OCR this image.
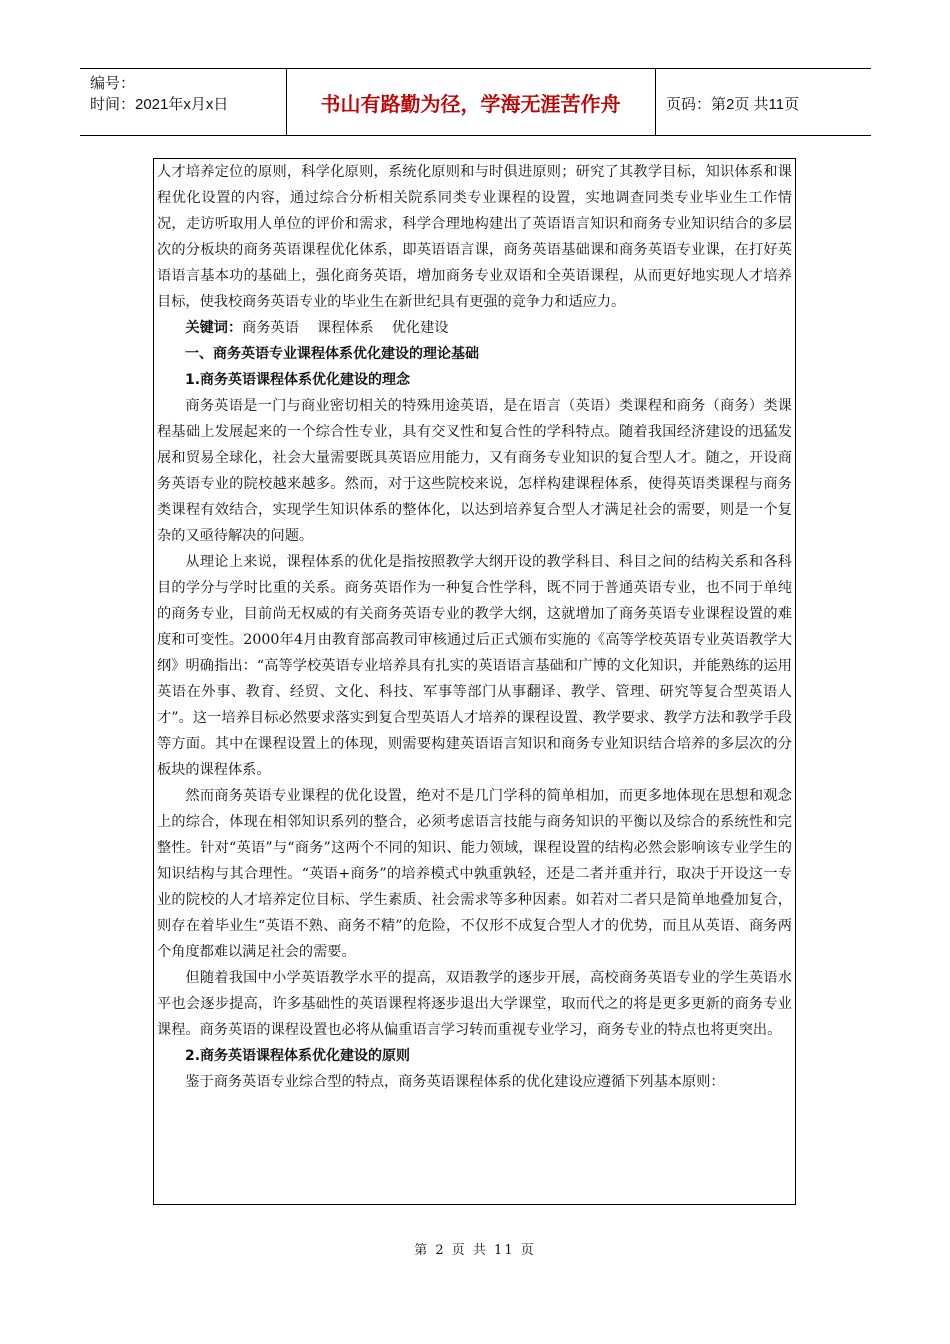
编号：
时间：2021年x月x日	书山有路勤为径，学海无涯苦作舟	页码：第2页 共11页

人才培养定位的原则，科学化原则，系统化原则和与时俱进原则；研究了其教学目标，知识体系和课程优化设置的内容，通过综合分析相关院系同类专业课程的设置，实地调查同类专业毕业生工作情况，走访听取用人单位的评价和需求，科学合理地构建出了英语语言知识和商务专业知识结合的多层次的分板块的商务英语课程优化体系，即英语语言课，商务英语基础课和商务英语专业课，在打好英语语言基本功的基础上，强化商务英语，增加商务专业双语和全英语课程，从而更好地实现人才培养目标，使我校商务英语专业的毕业生在新世纪具有更强的竞争力和适应力。

关键词：商务英语    课程体系    优化建设

一、商务英语专业课程体系优化建设的理论基础

1.商务英语课程体系优化建设的理念

商务英语是一门与商业密切相关的特殊用途英语，是在语言（英语）类课程和商务（商务）类课程基础上发展起来的一个综合性专业，具有交叉性和复合性的学科特点。随着我国经济建设的迅猛发展和贸易全球化，社会大量需要既具英语应用能力，又有商务专业知识的复合型人才。随之，开设商务英语专业的院校越来越多。然而，对于这些院校来说，怎样构建课程体系，使得英语类课程与商务类课程有效结合，实现学生知识体系的整体化，以达到培养复合型人才满足社会的需要，则是一个复杂的又亟待解决的问题。

从理论上来说，课程体系的优化是指按照教学大纲开设的教学科目、科目之间的结构关系和各科目的学分与学时比重的关系。商务英语作为一种复合性学科，既不同于普通英语专业，也不同于单纯的商务专业，目前尚无权威的有关商务英语专业的教学大纲，这就增加了商务英语专业课程设置的难度和可变性。2000年4月由教育部高教司审核通过后正式颁布实施的《高等学校英语专业英语教学大纲》明确指出：“高等学校英语专业培养具有扎实的英语语言基础和广博的文化知识，并能熟练的运用英语在外事、教育、经贸、文化、科技、军事等部门从事翻译、教学、管理、研究等复合型英语人才”。这一培养目标必然要求落实到复合型英语人才培养的课程设置、教学要求、教学方法和教学手段等方面。其中在课程设置上的体现，则需要构建英语语言知识和商务专业知识结合培养的多层次的分板块的课程体系。

然而商务英语专业课程的优化设置，绝对不是几门学科的简单相加，而更多地体现在思想和观念上的综合，体现在相邻知识系列的整合，必须考虑语言技能与商务知识的平衡以及综合的系统性和完整性。针对“英语”与“商务”这两个不同的知识、能力领域，课程设置的结构必然会影响该专业学生的知识结构与其合理性。“英语+商务”的培养模式中孰重孰轻，还是二者并重并行，取决于开设这一专业的院校的人才培养定位目标、学生素质、社会需求等多种因素。如若对二者只是简单地叠加复合，则存在着毕业生“英语不熟、商务不精”的危险，不仅形不成复合型人才的优势，而且从英语、商务两个角度都难以满足社会的需要。

但随着我国中小学英语教学水平的提高，双语教学的逐步开展，高校商务英语专业的学生英语水平也会逐步提高，许多基础性的英语课程将逐步退出大学课堂，取而代之的将是更多更新的商务专业课程。商务英语的课程设置也必将从偏重语言学习转而重视专业学习，商务专业的特点也将更突出。

2.商务英语课程体系优化建设的原则

鉴于商务英语专业综合型的特点，商务英语课程体系的优化建设应遵循下列基本原则：

第 2 页 共 11 页
